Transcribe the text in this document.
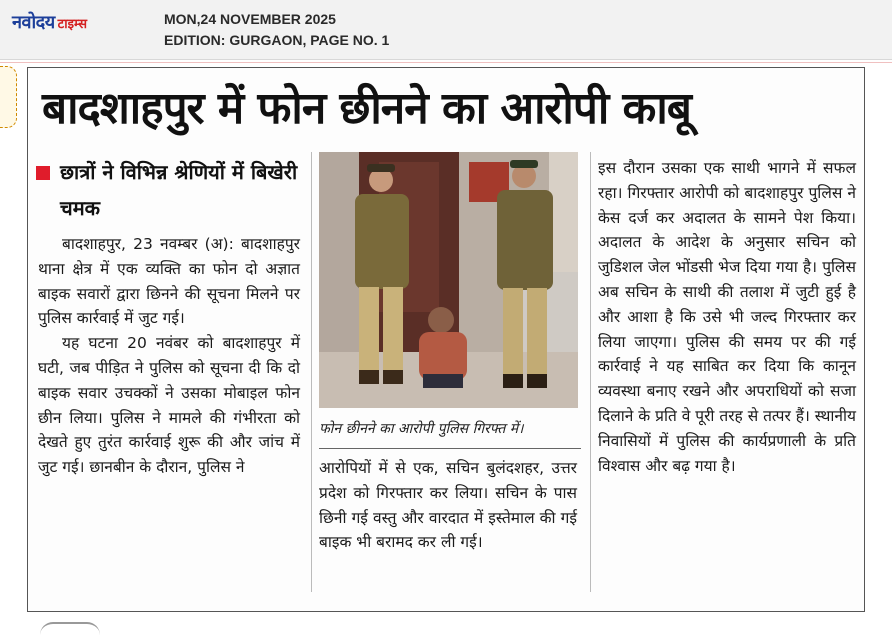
नवोदय टाइम्स	MON,24 NOVEMBER 2025
EDITION: GURGAON, PAGE NO. 1
बादशाहपुर में फोन छीनने का आरोपी काबू
छात्रों ने विभिन्न श्रेणियों में बिखेरी चमक

बादशाहपुर, 23 नवम्बर (अ): बादशाहपुर थाना क्षेत्र में एक व्यक्ति का फोन दो अज्ञात बाइक सवारों द्वारा छिनने की सूचना मिलने पर पुलिस कार्रवाई में जुट गई।

यह घटना 20 नवंबर को बादशाहपुर में घटी, जब पीड़ित ने पुलिस को सूचना दी कि दो बाइक सवार उचक्कों ने उसका मोबाइल फोन छीन लिया। पुलिस ने मामले की गंभीरता को देखते हुए तुरंत कार्रवाई शुरू की और जांच में जुट गई। छानबीन के दौरान, पुलिस ने

फोन छीनने का आरोपी पुलिस गिरफ्त में।

आरोपियों में से एक, सचिन बुलंदशहर, उत्तर प्रदेश को गिरफ्तार कर लिया। सचिन के पास छिनी गई वस्तु और वारदात में इस्तेमाल की गई बाइक भी बरामद कर ली गई।

इस दौरान उसका एक साथी भागने में सफल रहा। गिरफ्तार आरोपी को बादशाहपुर पुलिस ने केस दर्ज कर अदालत के सामने पेश किया। अदालत के आदेश के अनुसार सचिन को जुडिशल जेल भोंडसी भेज दिया गया है। पुलिस अब सचिन के साथी की तलाश में जुटी हुई है और आशा है कि उसे भी जल्द गिरफ्तार कर लिया जाएगा। पुलिस की समय पर की गई कार्रवाई ने यह साबित कर दिया कि कानून व्यवस्था बनाए रखने और अपराधियों को सजा दिलाने के प्रति वे पूरी तरह से तत्पर हैं। स्थानीय निवासियों में पुलिस की कार्यप्रणाली के प्रति विश्वास और बढ़ गया है।
